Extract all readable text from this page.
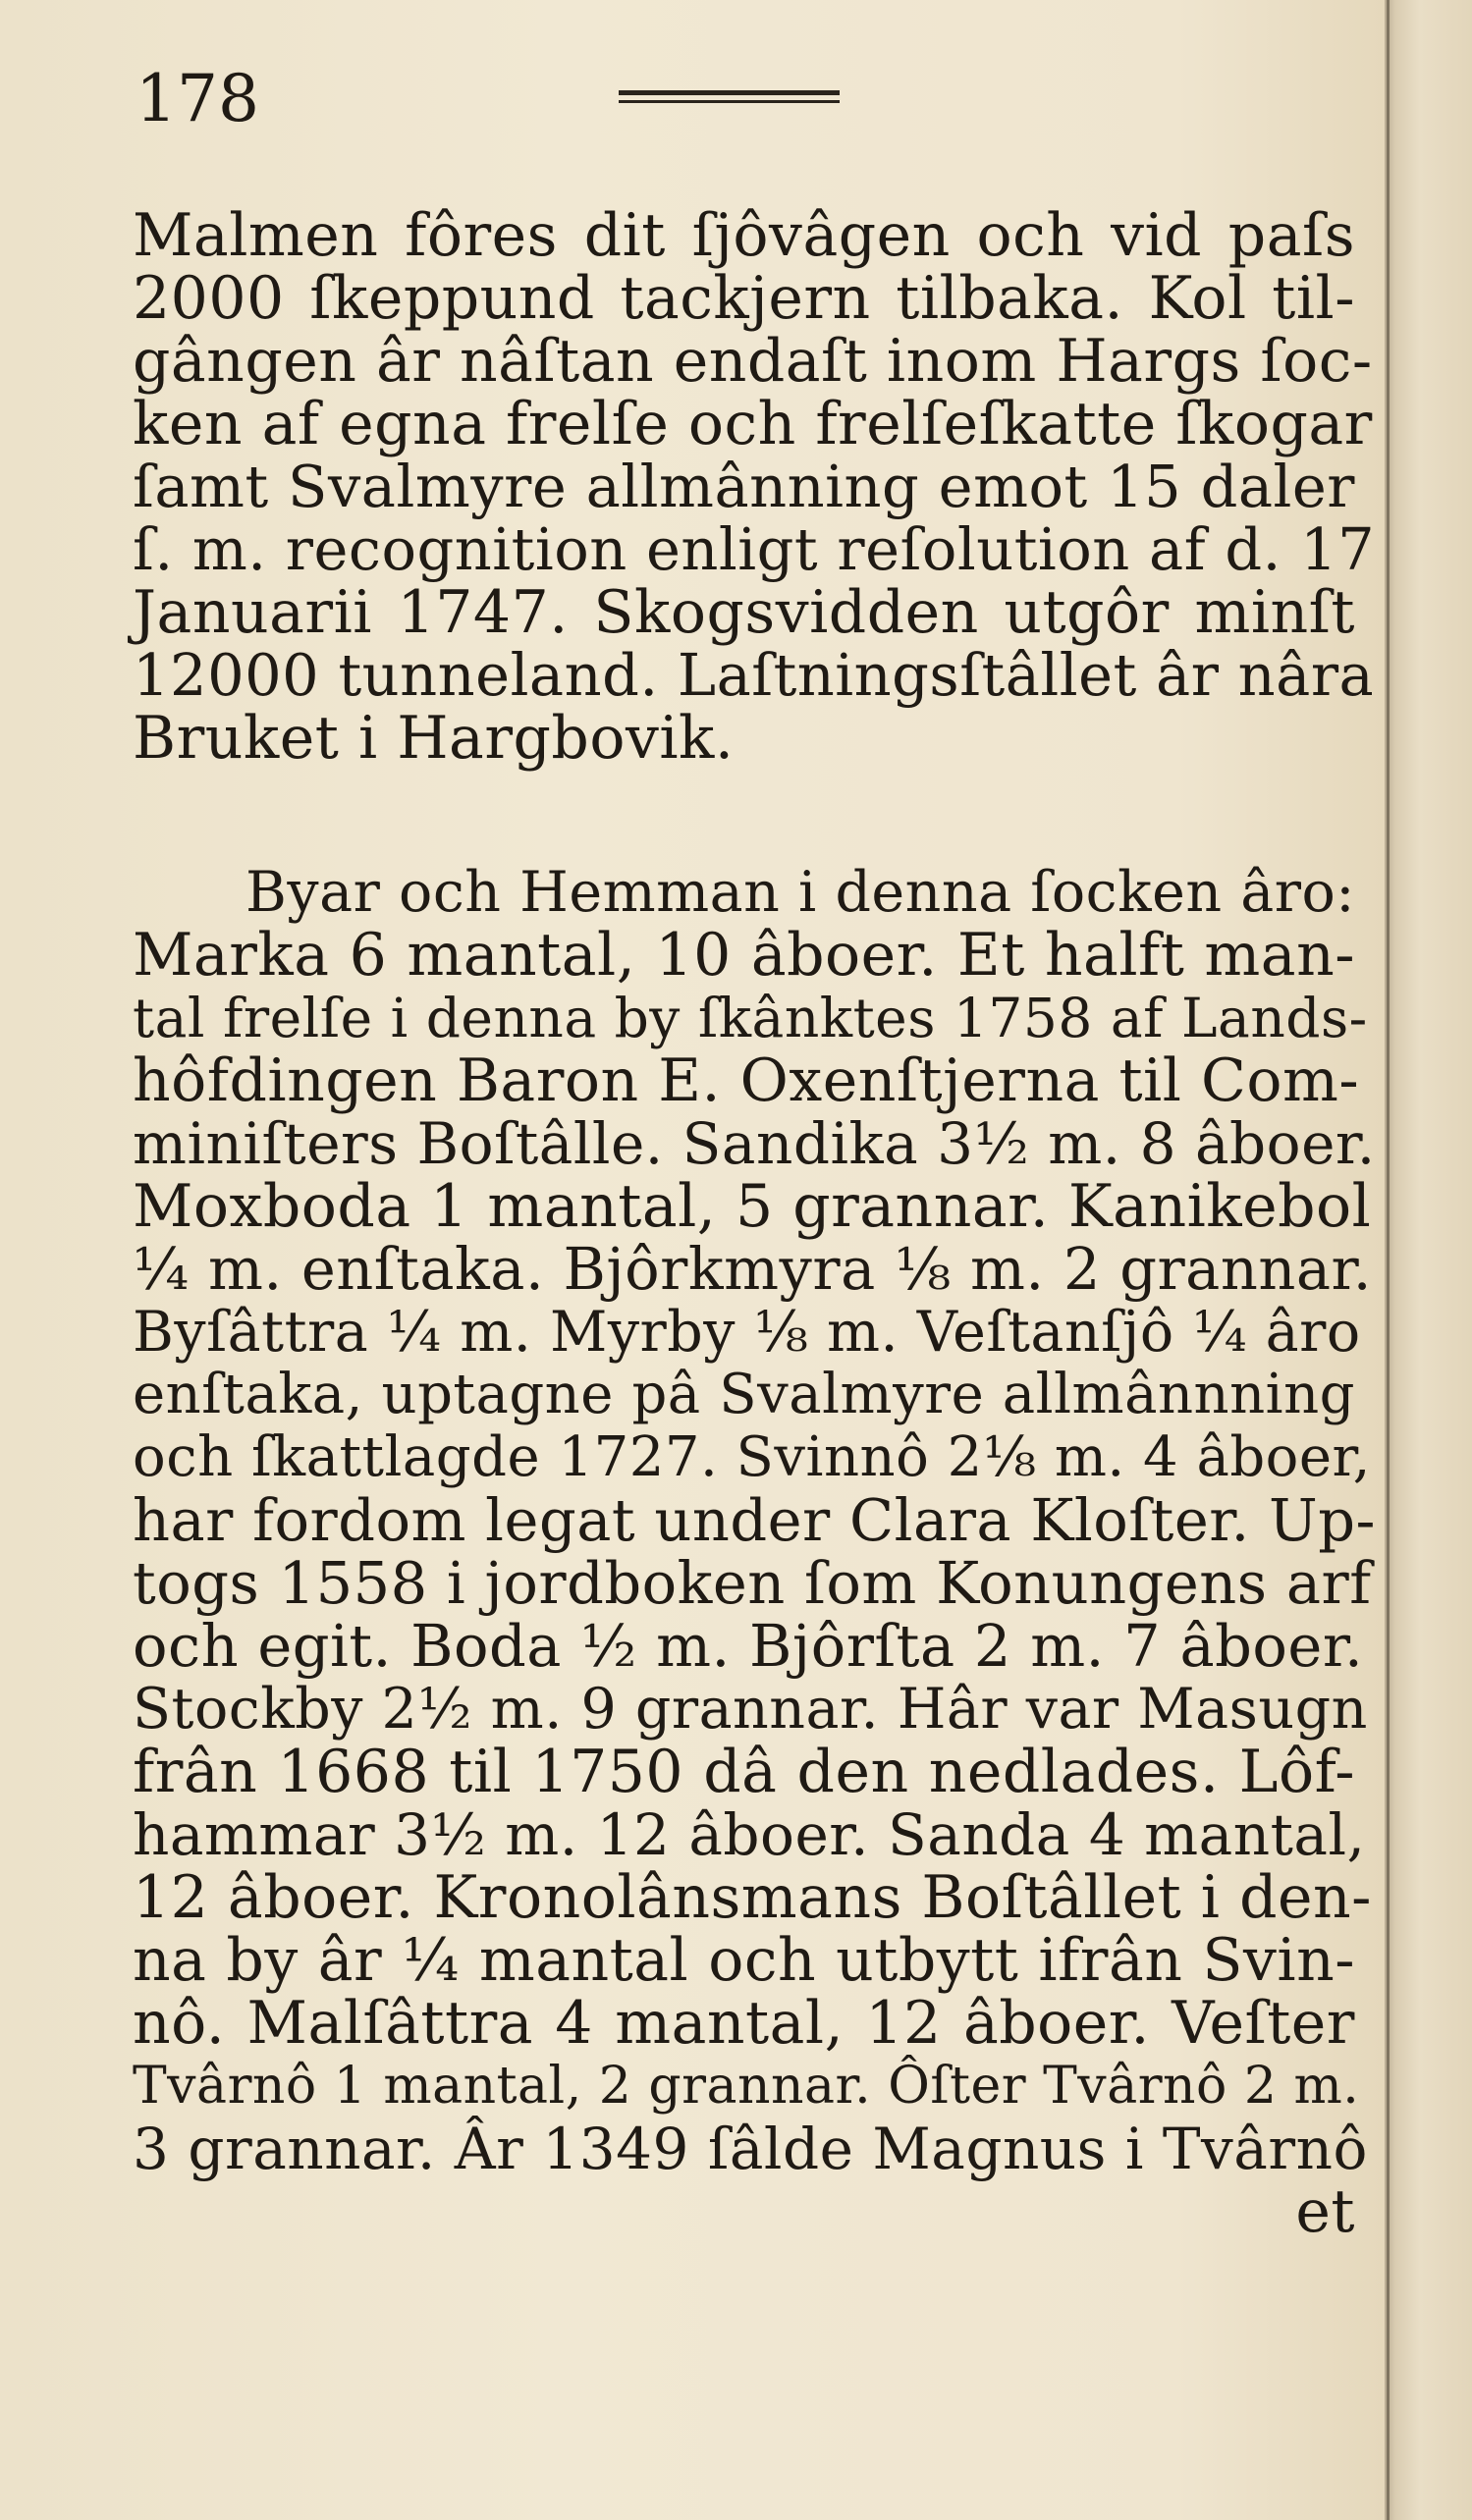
178
Malmen fôres dit ſjôvâgen och vid paſs
2000 ſkeppund tackjern tilbaka. Kol til-
gângen âr nâſtan endaſt inom Hargs ſoc-
ken af egna frelſe och frelſeſkatte ſkogar
ſamt Svalmyre allmânning emot 15 daler
ſ. m. recognition enligt reſolution af d. 17
Januarii 1747. Skogsvidden utgôr minſt
12000 tunneland. Laſtningsſtâllet âr nâra
Bruket i Hargbovik.
Byar och Hemman i denna ſocken âro:
Marka 6 mantal, 10 âboer. Et halft man-
tal frelſe i denna by ſkânktes 1758 af Lands-
hôfdingen Baron E. Oxenſtjerna til Com-
miniſters Boſtâlle. Sandika 3½ m. 8 âboer.
Moxboda 1 mantal, 5 grannar. Kanikebol
¼ m. enſtaka. Bjôrkmyra ⅛ m. 2 grannar.
Byſâttra ¼ m. Myrby ⅛ m. Veſtanſjô ¼ âro
enſtaka, uptagne pâ Svalmyre allmânnning
och ſkattlagde 1727. Svinnô 2⅛ m. 4 âboer,
har fordom legat under Clara Kloſter. Up-
togs 1558 i jordboken ſom Konungens arf
och egit. Boda ½ m. Bjôrſta 2 m. 7 âboer.
Stockby 2½ m. 9 grannar. Hâr var Masugn
frân 1668 til 1750 dâ den nedlades. Lôf-
hammar 3½ m. 12 âboer. Sanda 4 mantal,
12 âboer. Kronolânsmans Boſtâllet i den-
na by âr ¼ mantal och utbytt ifrân Svin-
nô. Malſâttra 4 mantal, 12 âboer. Veſter
Tvârnô 1 mantal, 2 grannar. Ôſter Tvârnô 2 m.
3 grannar. Âr 1349 ſâlde Magnus i Tvârnô
et
